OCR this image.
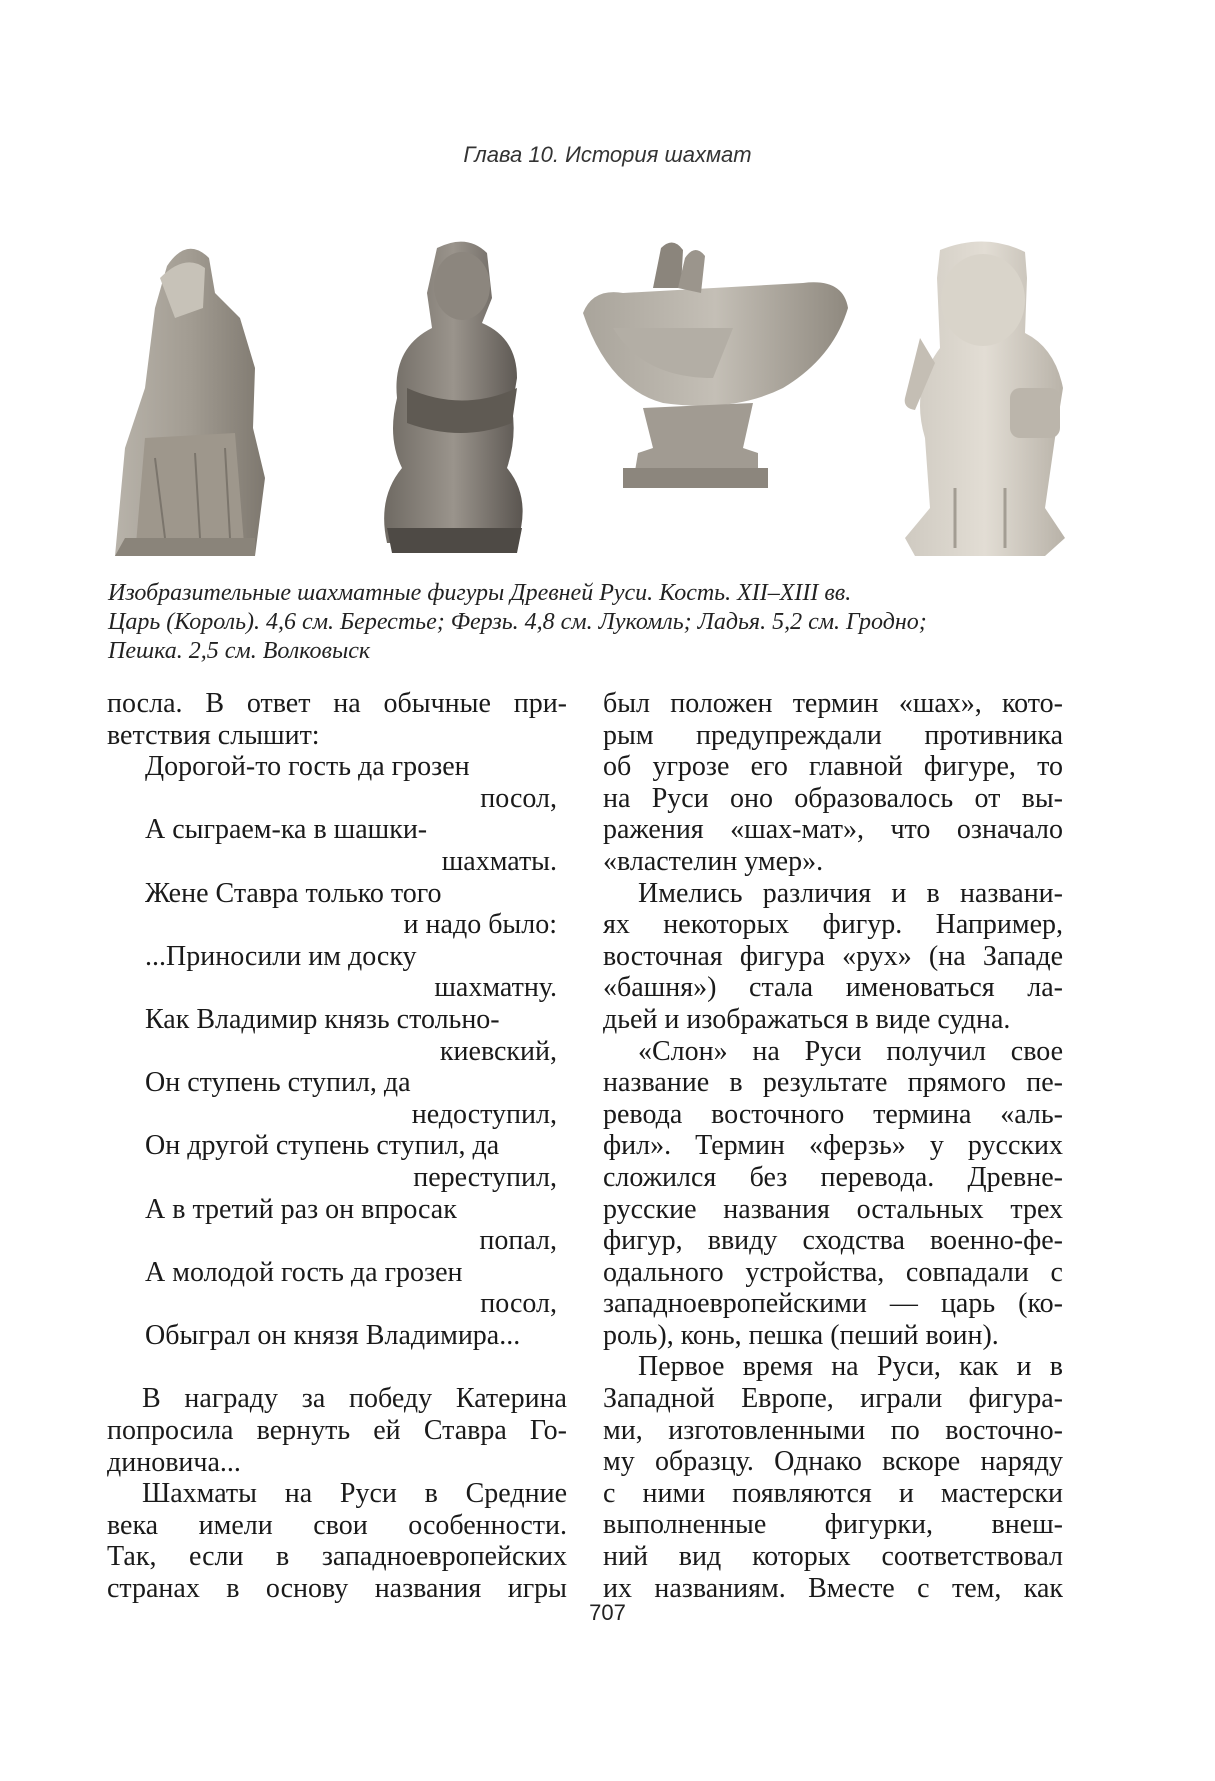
Глава 10. История шахмат
Изобразительные шахматные фигуры Древней Руси. Кость. XII–XIII вв.
Царь (Король). 4,6 см. Берестье; Ферзь. 4,8 см. Лукомль; Ладья. 5,2 см. Гродно;
Пешка. 2,5 см. Волковыск
посла. В ответ на обычные при-
ветствия слышит:
Дорогой-то гость да грозен
посол,
А сыграем-ка в шашки-
шахматы.
Жене Ставра только того
и надо было:
...Приносили им доску
шахматну.
Как Владимир князь стольно-
киевский,
Он ступень ступил, да
недоступил,
Он другой ступень ступил, да
переступил,
А в третий раз он впросак
попал,
А молодой гость да грозен
посол,
Обыграл он князя Владимира...
В награду за победу Катерина
попросила вернуть ей Ставра Го-
диновича...
Шахматы на Руси в Средние
века имели свои особенности.
Так, если в западноевропейских
странах в основу названия игры
был положен термин «шах», кото-
рым предупреждали противника
об угрозе его главной фигуре, то
на Руси оно образовалось от вы-
ражения «шах-мат», что означало
«властелин умер».
Имелись различия и в названи-
ях некоторых фигур. Например,
восточная фигура «рух» (на Западе
«башня») стала именоваться ла-
дьей и изображаться в виде судна.
«Слон» на Руси получил свое
название в результате прямого пе-
ревода восточного термина «аль-
фил». Термин «ферзь» у русских
сложился без перевода. Древне-
русские названия остальных трех
фигур, ввиду сходства военно-фе-
одального устройства, совпадали с
западноевропейскими — царь (ко-
роль), конь, пешка (пеший воин).
Первое время на Руси, как и в
Западной Европе, играли фигура-
ми, изготовленными по восточно-
му образцу. Однако вскоре наряду
с ними появляются и мастерски
выполненные фигурки, внеш-
ний вид которых соответствовал
их названиям. Вместе с тем, как
707
